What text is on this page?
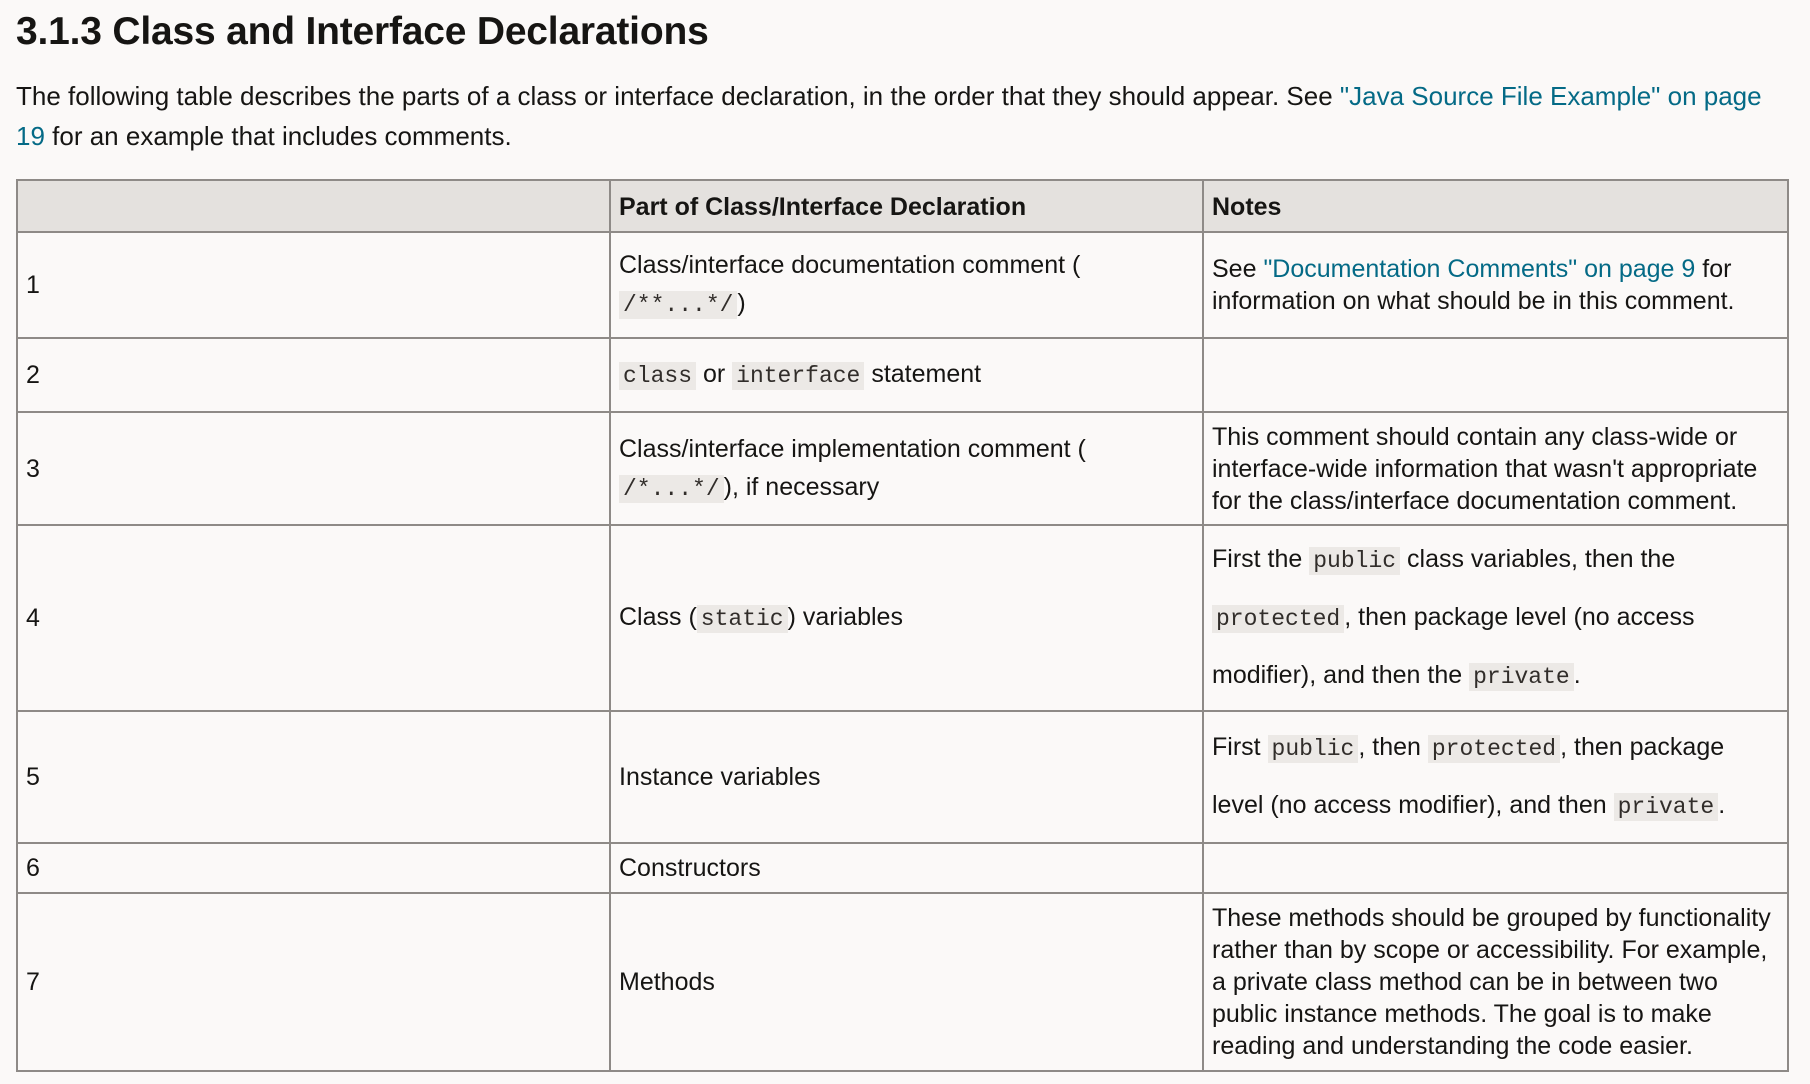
3.1.3 Class and Interface Declarations

The following table describes the parts of a class or interface declaration, in the order that they should appear. See "Java Source File Example" on page 19 for an example that includes comments.

	Part of Class/Interface Declaration	Notes
1	Class/interface documentation comment (
/**...*/ )	See "Documentation Comments" on page 9 for information on what should be in this comment.
2	class or interface statement	
3	Class/interface implementation comment (
/*...*/ ), if necessary	This comment should contain any class-wide or interface-wide information that wasn't appropriate for the class/interface documentation comment.
4	Class ( static ) variables	First the public class variables, then the protected , then package level (no access modifier), and then the private .
5	Instance variables	First public , then protected , then package level (no access modifier), and then private .
6	Constructors	
7	Methods	These methods should be grouped by functionality rather than by scope or accessibility. For example, a private class method can be in between two public instance methods. The goal is to make reading and understanding the code easier.
